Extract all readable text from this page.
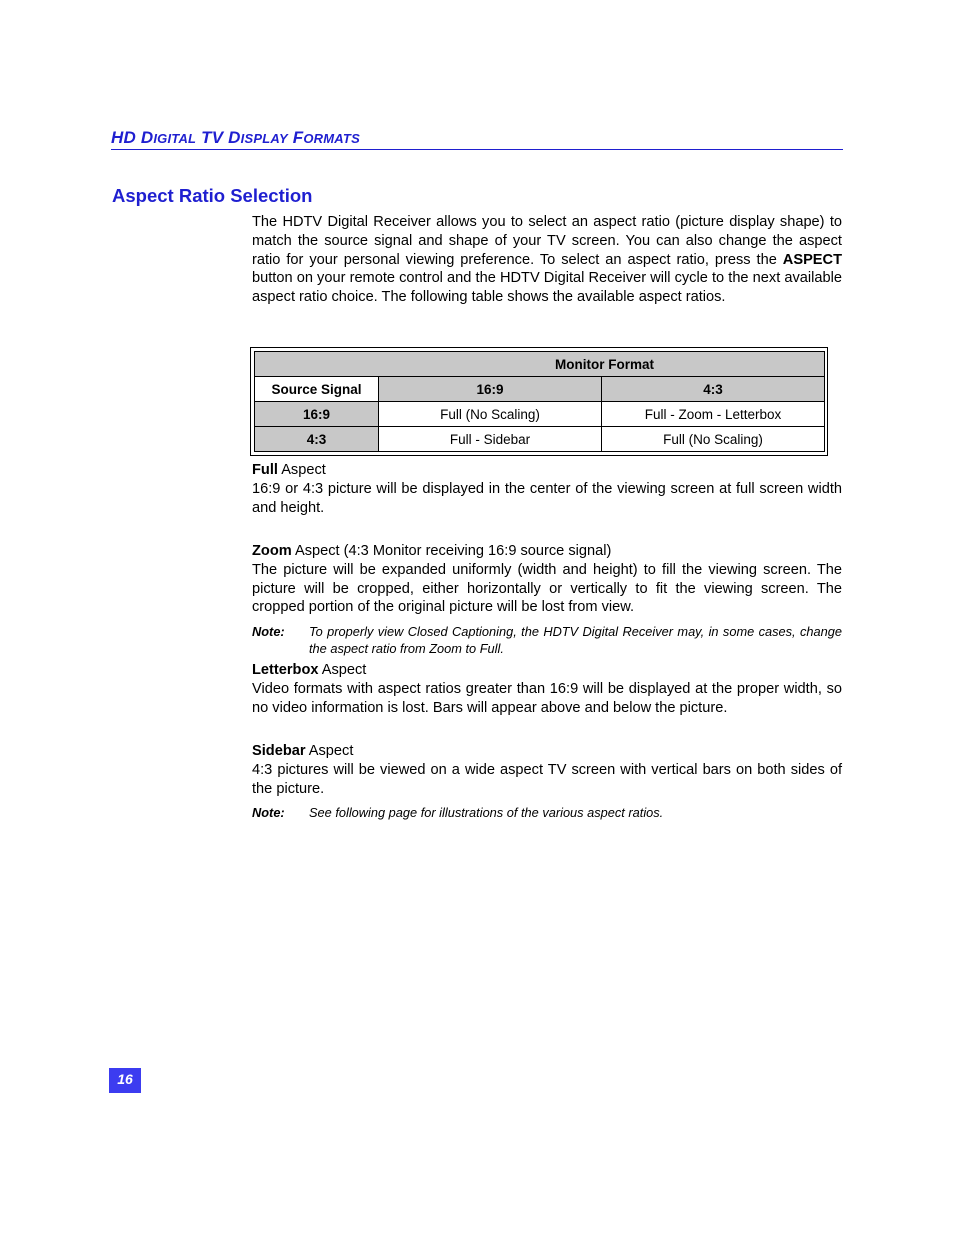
HD DIGITAL TV DISPLAY FORMATS
Aspect Ratio Selection
The HDTV Digital Receiver allows you to select an aspect ratio (picture display shape) to match the source signal and shape of your TV screen. You can also change the aspect ratio for your personal viewing preference. To select an aspect ratio, press the ASPECT button on your remote control and the HDTV Digital Receiver will cycle to the next available aspect ratio choice. The following table shows the available aspect ratios.
Monitor Format		
Source Signal	16:9	4:3
16:9	Full (No Scaling)	Full - Zoom - Letterbox
4:3	Full - Sidebar	Full (No Scaling)
Full Aspect
16:9 or 4:3 picture will be displayed in the center of the viewing screen at full screen width and height.
Zoom Aspect (4:3 Monitor receiving 16:9 source signal)
The picture will be expanded uniformly (width and height) to fill the viewing screen. The picture will be cropped, either horizontally or vertically to fit the viewing screen. The cropped portion of the original picture will be lost from view.
Note: To properly view Closed Captioning, the HDTV Digital Receiver may, in some cases, change the aspect ratio from Zoom to Full.
Letterbox Aspect
Video formats with aspect ratios greater than 16:9 will be displayed at the proper width, so no video information is lost. Bars will appear above and below the picture.
Sidebar Aspect
4:3 pictures will be viewed on a wide aspect TV screen with vertical bars on both sides of the picture.
Note: See following page for illustrations of the various aspect ratios.
16
